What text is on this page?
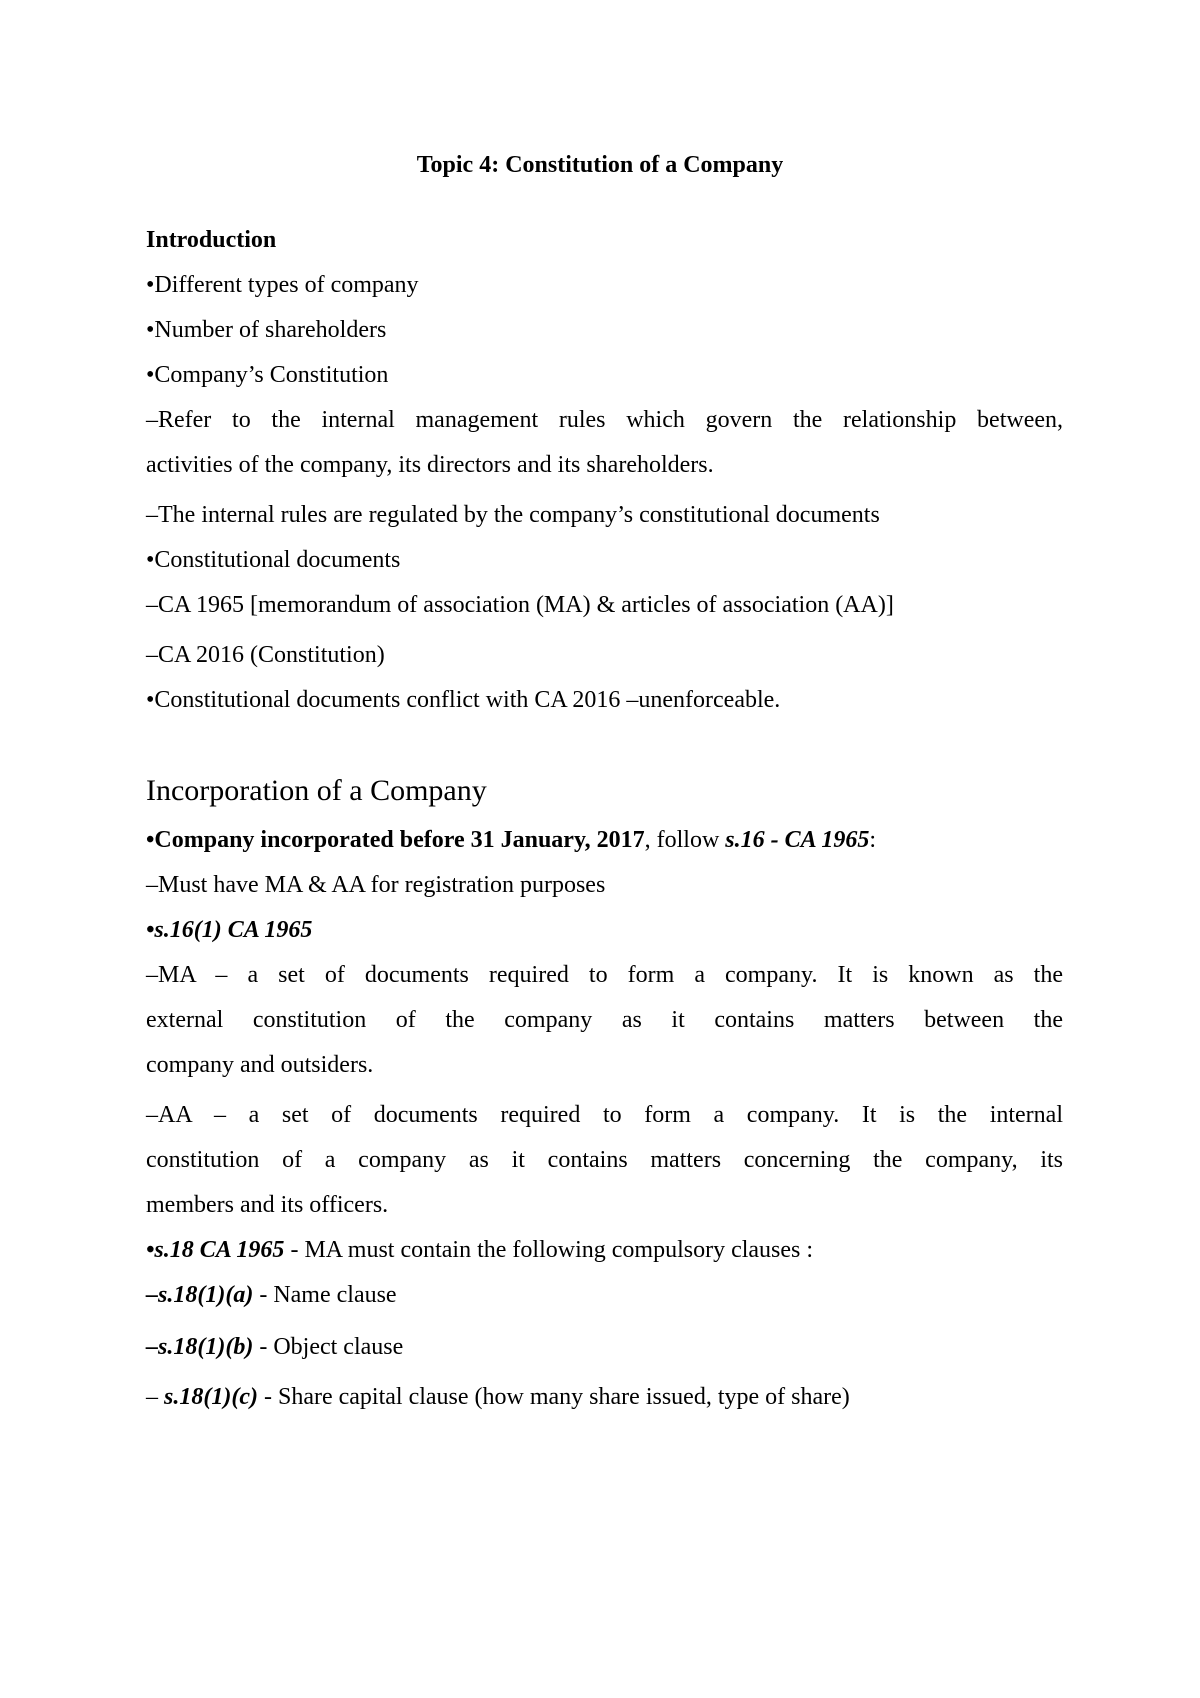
Topic 4: Constitution of a Company
Introduction
•Different types of company
•Number of shareholders
•Company’s Constitution
–Refer to the internal management rules which govern the relationship between,
activities of the company, its directors and its shareholders.
–The internal rules are regulated by the company’s constitutional documents
•Constitutional documents
–CA 1965 [memorandum of association (MA) & articles of association (AA)]
–CA 2016 (Constitution)
•Constitutional documents conflict with CA 2016 –unenforceable.
Incorporation of a Company
•Company incorporated before 31 January, 2017, follow s.16 - CA 1965:
–Must have MA & AA for registration purposes
•s.16(1) CA 1965
–MA – a set of documents required to form a company. It is known as the
external constitution of the company as it contains matters between the
company and outsiders.
–AA – a set of documents required to form a company. It is the internal
constitution of a company as it contains matters concerning the company, its
members and its officers.
•s.18 CA 1965 - MA must contain the following compulsory clauses :
–s.18(1)(a) - Name clause
–s.18(1)(b) - Object clause
– s.18(1)(c) - Share capital clause (how many share issued, type of share)
